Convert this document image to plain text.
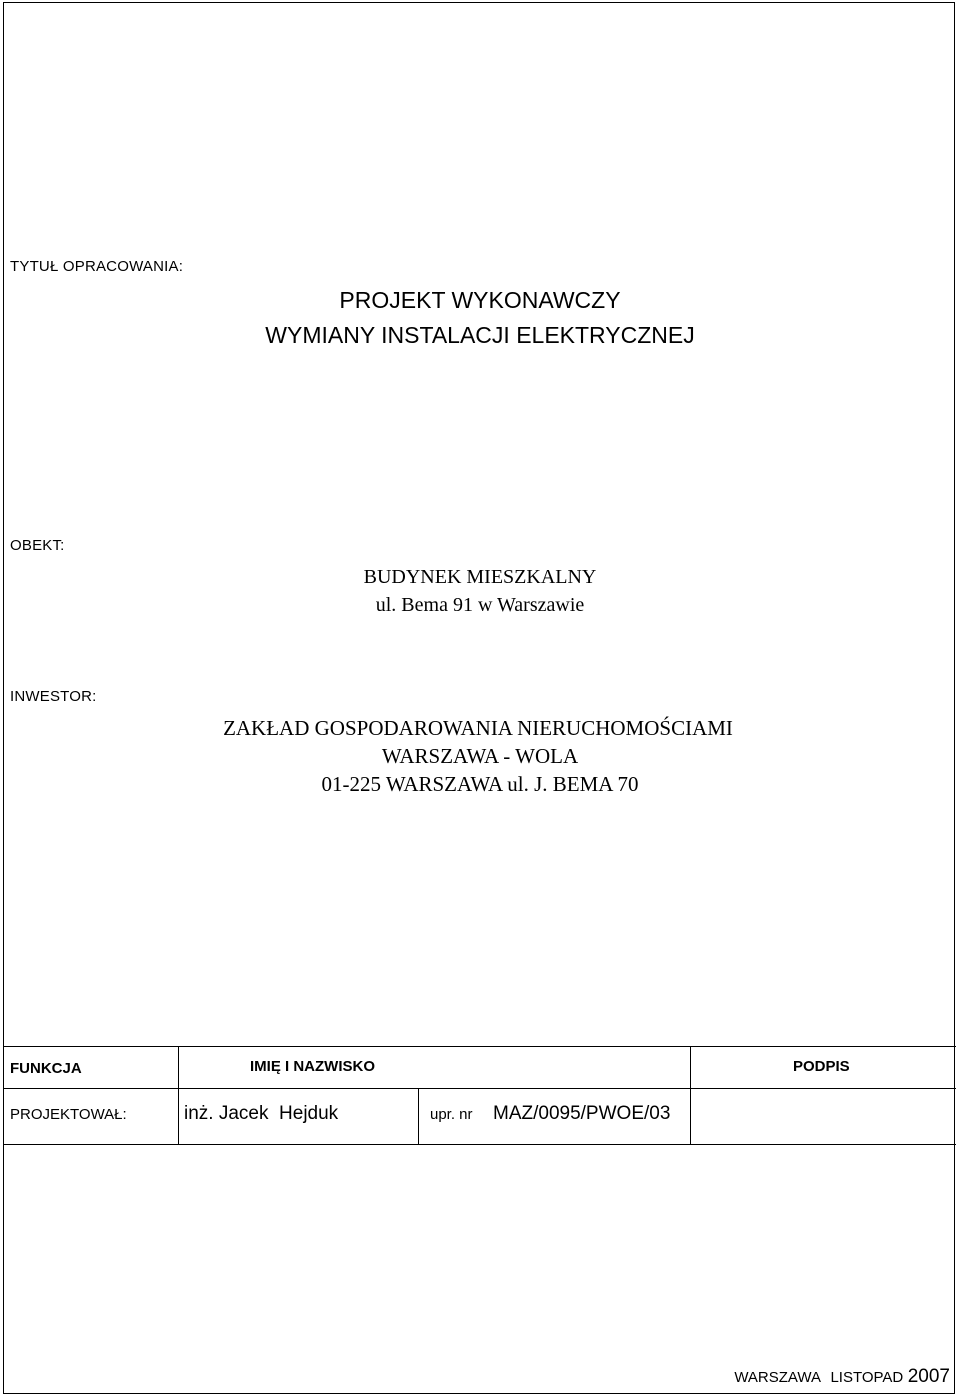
TYTUŁ OPRACOWANIA:
PROJEKT WYKONAWCZY
WYMIANY INSTALACJI ELEKTRYCZNEJ
OBEKT:
BUDYNEK MIESZKALNY
ul. Bema 91 w Warszawie
INWESTOR:
ZAKŁAD GOSPODAROWANIA NIERUCHOMOŚCIAMI
WARSZAWA - WOLA
01-225 WARSZAWA ul. J. BEMA 70
FUNKCJA	IMIĘ I NAZWISKO	PODPIS
PROJEKTOWAŁ:	inż. Jacek  Hejduk	upr. nr MAZ/0095/PWOE/03
WARSZAWA LISTOPAD 2007
